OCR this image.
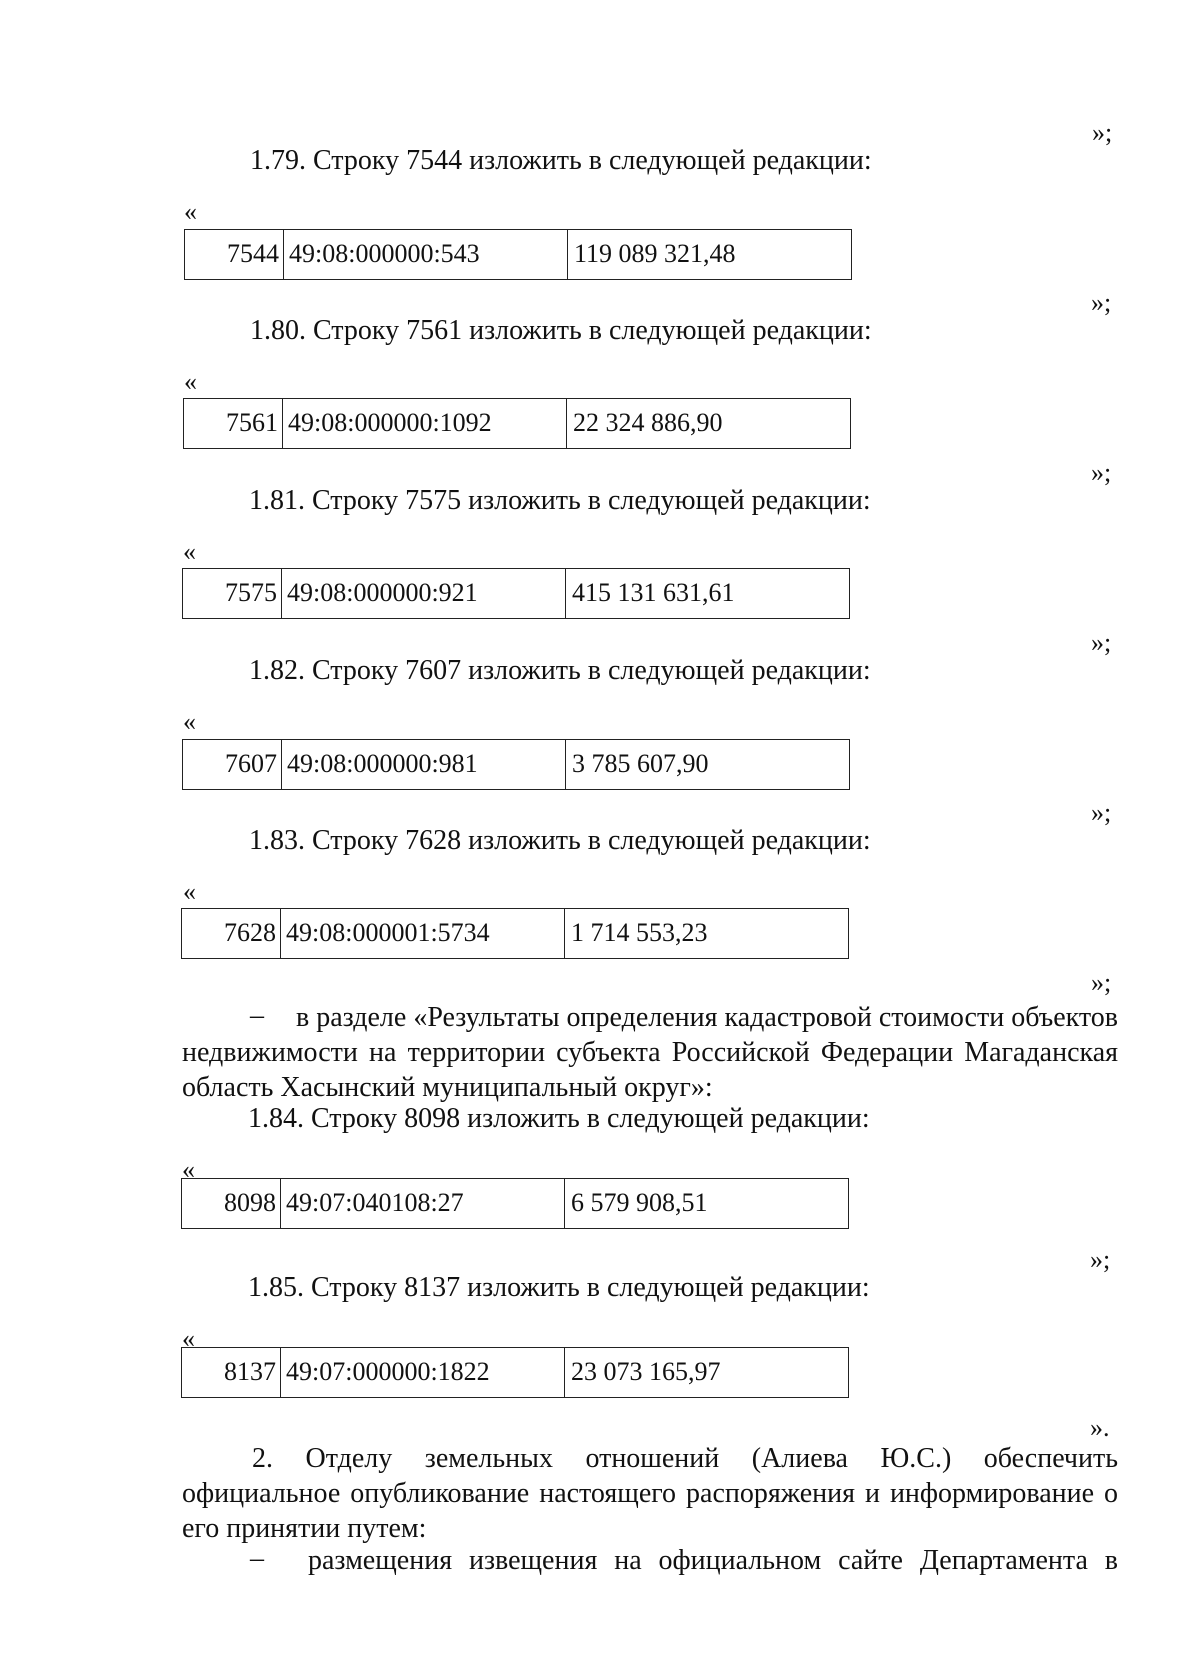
»;
1.79. Строку 7544 изложить в следующей редакции:
«
7544 49:08:000000:543	119 089 321,48
»;
1.80. Строку 7561 изложить в следующей редакции:
«
7561 49:08:000000:1092	22 324 886,90
»;
1.81. Строку 7575 изложить в следующей редакции:
«
7575 49:08:000000:921	415 131 631,61
»;
1.82. Строку 7607 изложить в следующей редакции:
«
7607 49:08:000000:981	3 785 607,90
»;
1.83. Строку 7628 изложить в следующей редакции:
«
7628 49:08:000001:5734	1 714 553,23
»;
–	в разделе «Результаты определения кадастровой стоимости объектов
недвижимости на территории субъекта Российской Федерации Магаданская
область Хасынский муниципальный округ»:
1.84. Строку 8098 изложить в следующей редакции:
«
8098 49:07:040108:27	6 579 908,51
»;
1.85. Строку 8137 изложить в следующей редакции:
«
8137 49:07:000000:1822	23 073 165,97
».
2. Отделу земельных отношений (Алиева Ю.С.) обеспечить
официальное опубликование настоящего распоряжения и информирование о
его принятии путем:
– размещения извещения на официальном сайте Департамента в
